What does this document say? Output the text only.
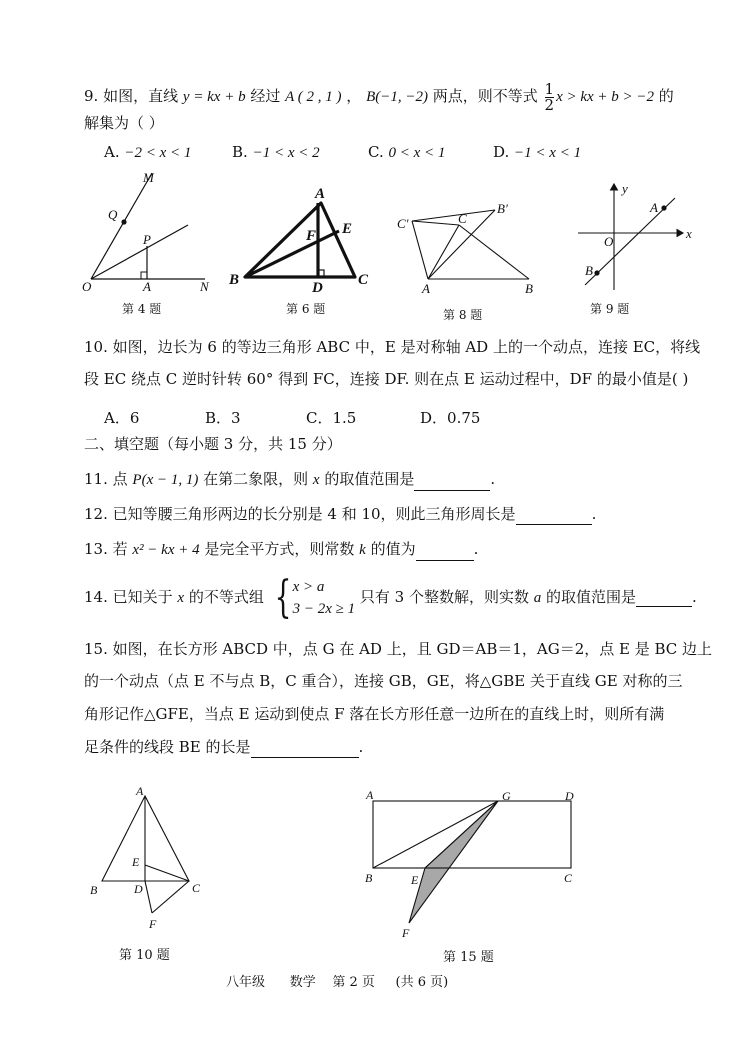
9. 如图，直线 y = kx + b 经过 A ( 2 , 1 ) ， B(−1, −2) 两点，则不等式 $\frac{1}{2}$ x > kx + b > −2 的
解集为（ ）
A. −2 < x < 1	B. −1 < x < 2	C. 0 < x < 1	D. −1 < x < 1
M
Q
P
O	A	N
A
E
F
B	D C
C′	C
B′
A	B
y
A
O
x
B
第 4 题	第 6 题	第 8 题	第 9 题
10. 如图，边长为 6 的等边三角形 ABC 中，E 是对称轴 AD 上的一个动点，连接 EC，将线
段 EC 绕点 C 逆时针转 60° 得到 FC，连接 DF. 则在点 E 运动过程中，DF 的最小值是( )
A．6	B．3	C．1.5	D．0.75
二、填空题（每小题 3 分，共 15 分）
11. 点 P(x − 1, 1) 在第二象限，则 x 的取值范围是	.
12. 已知等腰三角形两边的长分别是 4 和 10，则此三角形周长是	.
13. 若 x² − kx + 4 是完全平方式，则常数 k 的值为	.
14. 已知关于 x 的不等式组 { x > a
3 − 2x ≥ 1
只有 3 个整数解，则实数 a 的取值范围是	.
15. 如图，在长方形 ABCD 中，点 G 在 AD 上，且 GD＝AB＝1，AG＝2，点 E 是 BC 边上
的一个动点（点 E 不与点 B，C 重合），连接 GB，GE，将△GBE 关于直线 GE 对称的三
角形记作△GFE，当点 E 运动到使点 F 落在长方形任意一边所在的直线上时，则所有满
足条件的线段 BE 的长是	.
A
E
B	D	C
F
第 10 题
A	G	D
B	E	C
F
第 15 题
八年级      数学    第 2 页     (共 6 页)
